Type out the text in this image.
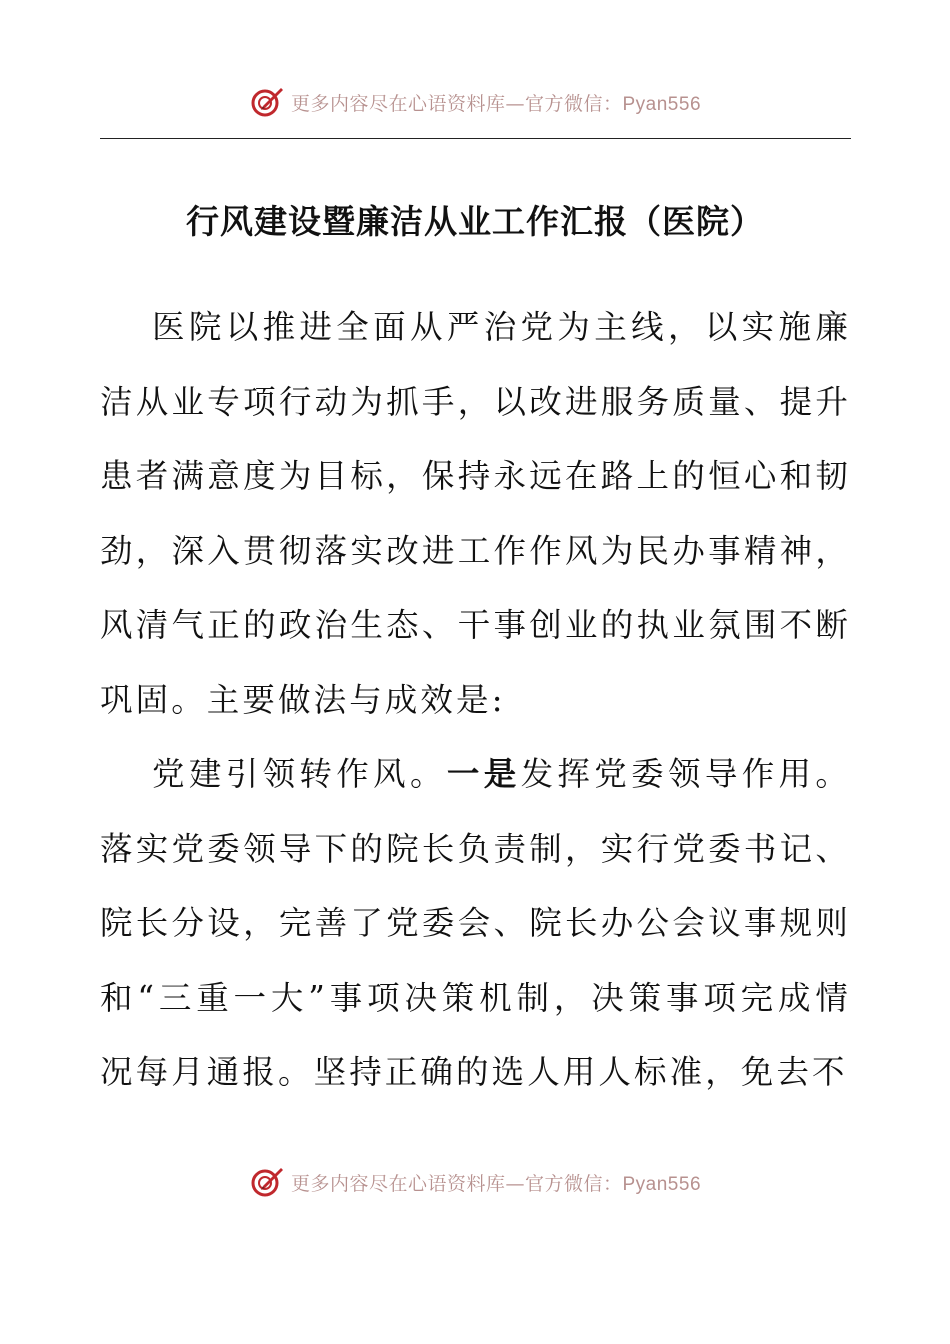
更多内容尽在心语资料库—官方微信：Pyan556
行风建设暨廉洁从业工作汇报（医院）

医院以推进全面从严治党为主线，以实施廉洁从业专项行动为抓手，以改进服务质量、提升患者满意度为目标，保持永远在路上的恒心和韧劲，深入贯彻落实改进工作作风为民办事精神，风清气正的政治生态、干事创业的执业氛围不断巩固。主要做法与成效是:

党建引领转作风。一是发挥党委领导作用。落实党委领导下的院长负责制，实行党委书记、院长分设，完善了党委会、院长办公会议事规则和“三重一大”事项决策机制，决策事项完成情况每月通报。坚持正确的选人用人标准，免去不

更多内容尽在心语资料库—官方微信：Pyan556
